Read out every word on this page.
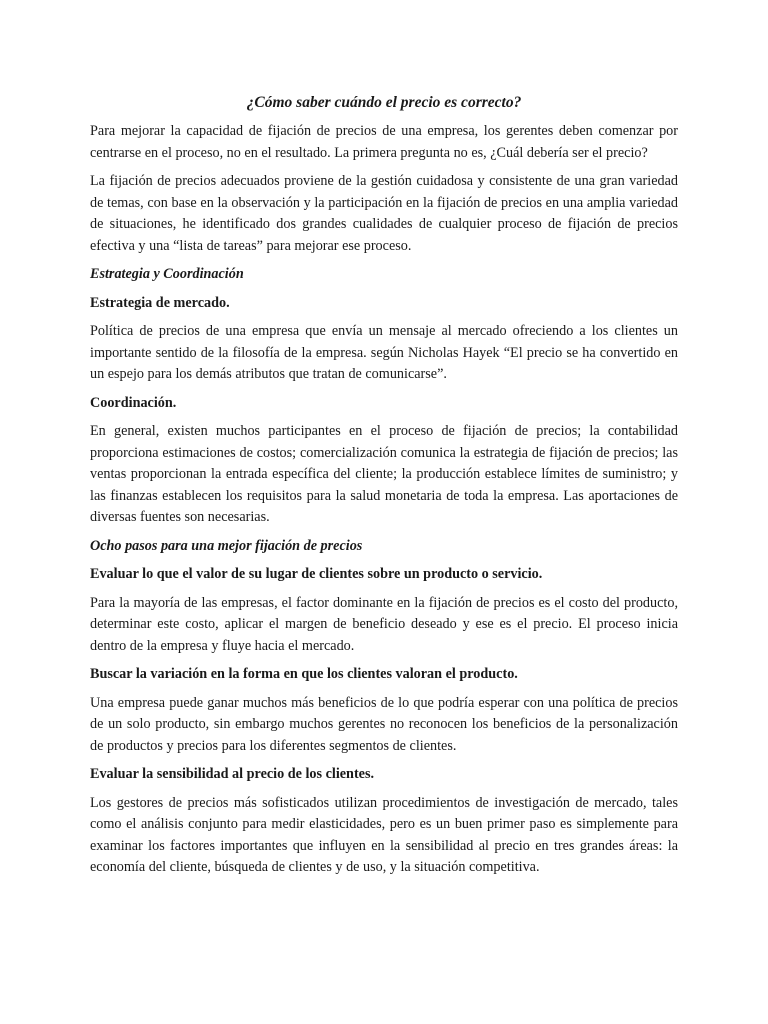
¿Cómo saber cuándo el precio es correcto?

Para mejorar la capacidad de fijación de precios de una empresa, los gerentes deben comenzar por centrarse en el proceso, no en el resultado. La primera pregunta no es, ¿Cuál debería ser el precio?

La fijación de precios adecuados proviene de la gestión cuidadosa y consistente de una gran variedad de temas, con base en la observación y la participación en la fijación de precios en una amplia variedad de situaciones, he identificado dos grandes cualidades de cualquier proceso de fijación de precios efectiva y una “lista de tareas” para mejorar ese proceso.

Estrategia y Coordinación
Estrategia de mercado.

Política de precios de una empresa que envía un mensaje al mercado ofreciendo a los clientes un importante sentido de la filosofía de la empresa. según Nicholas Hayek “El precio se ha convertido en un espejo para los demás atributos que tratan de comunicarse”.

Coordinación.

En general, existen muchos participantes en el proceso de fijación de precios; la contabilidad proporciona estimaciones de costos; comercialización comunica la estrategia de fijación de precios; las ventas proporcionan la entrada específica del cliente; la producción establece límites de suministro; y las finanzas establecen los requisitos para la salud monetaria de toda la empresa. Las aportaciones de diversas fuentes son necesarias.

Ocho pasos para una mejor fijación de precios
Evaluar lo que el valor de su lugar de clientes sobre un producto o servicio.

Para la mayoría de las empresas, el factor dominante en la fijación de precios es el costo del producto, determinar este costo, aplicar el margen de beneficio deseado y ese es el precio. El proceso inicia dentro de la empresa y fluye hacia el mercado.

Buscar la variación en la forma en que los clientes valoran el producto.

Una empresa puede ganar muchos más beneficios de lo que podría esperar con una política de precios de un solo producto, sin embargo muchos gerentes no reconocen los beneficios de la personalización de productos y precios para los diferentes segmentos de clientes.

Evaluar la sensibilidad al precio de los clientes.

Los gestores de precios más sofisticados utilizan procedimientos de investigación de mercado, tales como el análisis conjunto para medir elasticidades, pero es un buen primer paso es simplemente para examinar los factores importantes que influyen en la sensibilidad al precio en tres grandes áreas: la economía del cliente, búsqueda de clientes y de uso, y la situación competitiva.
